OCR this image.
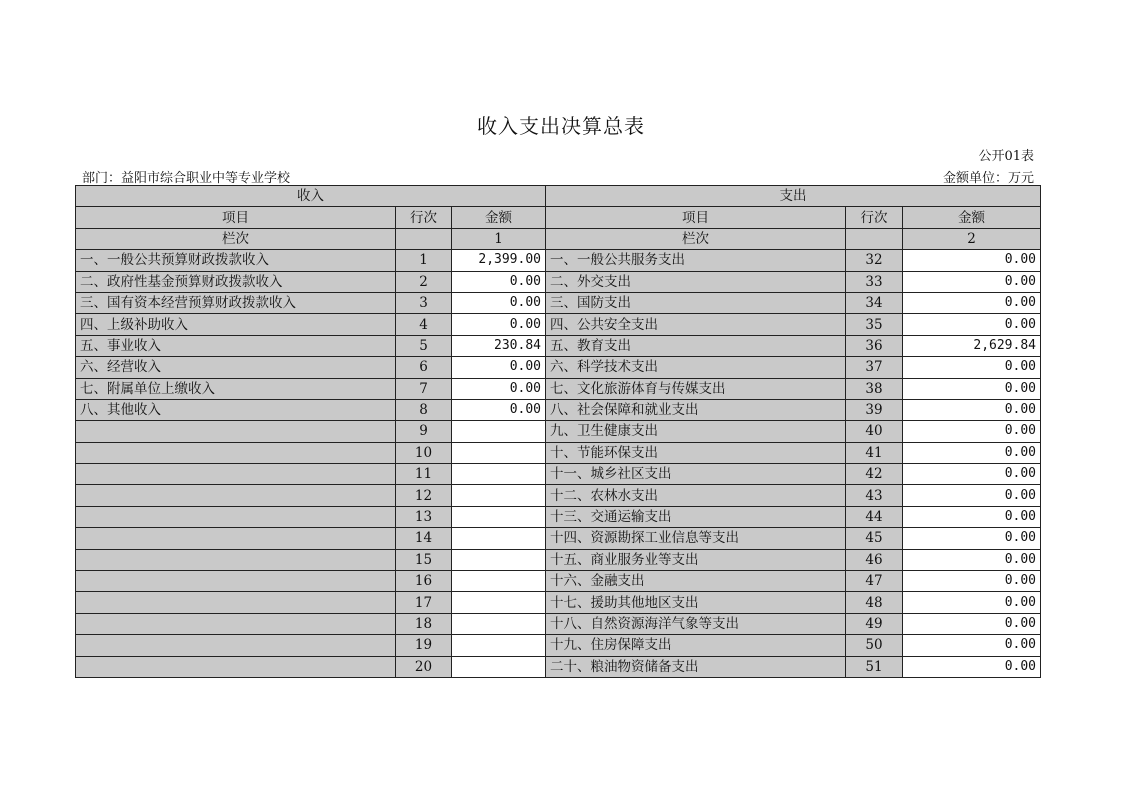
收入支出决算总表
公开01表
部门：益阳市综合职业中等专业学校	金额单位：万元
收入			支出		
项目	行次	金额	项目	行次	金额
栏次		1	栏次		2
一、一般公共预算财政拨款收入	1	2,399.00	一、一般公共服务支出	32	0.00
二、政府性基金预算财政拨款收入	2	0.00	二、外交支出	33	0.00
三、国有资本经营预算财政拨款收入	3	0.00	三、国防支出	34	0.00
四、上级补助收入	4	0.00	四、公共安全支出	35	0.00
五、事业收入	5	230.84	五、教育支出	36	2,629.84
六、经营收入	6	0.00	六、科学技术支出	37	0.00
七、附属单位上缴收入	7	0.00	七、文化旅游体育与传媒支出	38	0.00
八、其他收入	8	0.00	八、社会保障和就业支出	39	0.00
	9		九、卫生健康支出	40	0.00
	10		十、节能环保支出	41	0.00
	11		十一、城乡社区支出	42	0.00
	12		十二、农林水支出	43	0.00
	13		十三、交通运输支出	44	0.00
	14		十四、资源勘探工业信息等支出	45	0.00
	15		十五、商业服务业等支出	46	0.00
	16		十六、金融支出	47	0.00
	17		十七、援助其他地区支出	48	0.00
	18		十八、自然资源海洋气象等支出	49	0.00
	19		十九、住房保障支出	50	0.00
	20		二十、粮油物资储备支出	51	0.00
